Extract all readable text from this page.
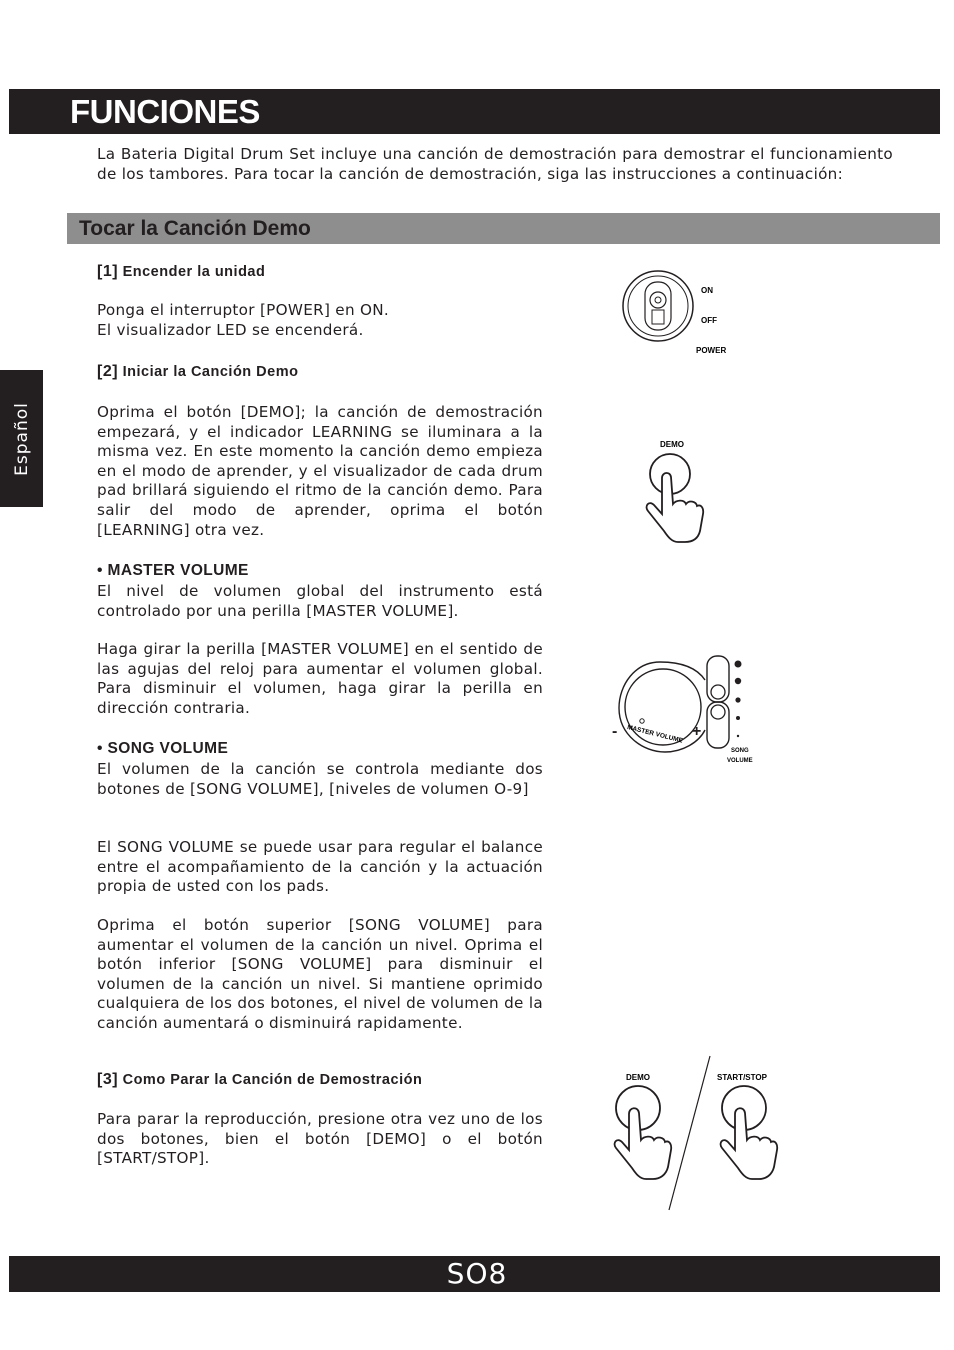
FUNCIONES
La Bateria Digital Drum Set incluye una canción de demostración para demostrar el funcionamiento de los tambores. Para tocar la canción de demostración, siga las instrucciones a continuación:
Tocar la Canción Demo
Español
[1] Encender la unidad
Ponga el interruptor [POWER] en ON.
El visualizador LED se encenderá.
[2] Iniciar la Canción Demo
Oprima el botón [DEMO]; la canción de demostración empezará, y el indicador LEARNING se iluminara a la misma vez. En este momento la canción demo empieza en el modo de aprender, y el visualizador de cada drum pad brillará siguiendo el ritmo de la canción demo. Para salir del modo de aprender, oprima el botón [LEARNING] otra vez.
• MASTER VOLUME
El nivel de volumen global del instrumento está controlado por una perilla [MASTER VOLUME].
Haga girar la perilla [MASTER VOLUME] en el sentido de las agujas del reloj para aumentar el volumen global. Para disminuir el volumen, haga girar la perilla en dirección contraria.
• SONG VOLUME
El volumen de la canción se controla mediante dos botones de [SONG VOLUME], [niveles de volumen O-9]
El SONG VOLUME se puede usar para regular el balance entre el acompañamiento de la canción y la actuación propia de usted con los pads.
Oprima el botón superior [SONG VOLUME] para aumentar el volumen de la canción un nivel. Oprima el botón inferior [SONG VOLUME] para disminuir el volumen de la canción un nivel. Si mantiene oprimido cualquiera de los dos botones, el nivel de volumen de la canción aumentará o disminuirá rapidamente.
[3] Como Parar la Canción de Demostración
Para parar la reproducción, presione otra vez uno de los dos botones, bien el botón [DEMO] o el botón [START/STOP].
ON
OFF
POWER
DEMO
-	+
MASTER VOLUME
SONG
VOLUME
DEMO	START/STOP
SO8
